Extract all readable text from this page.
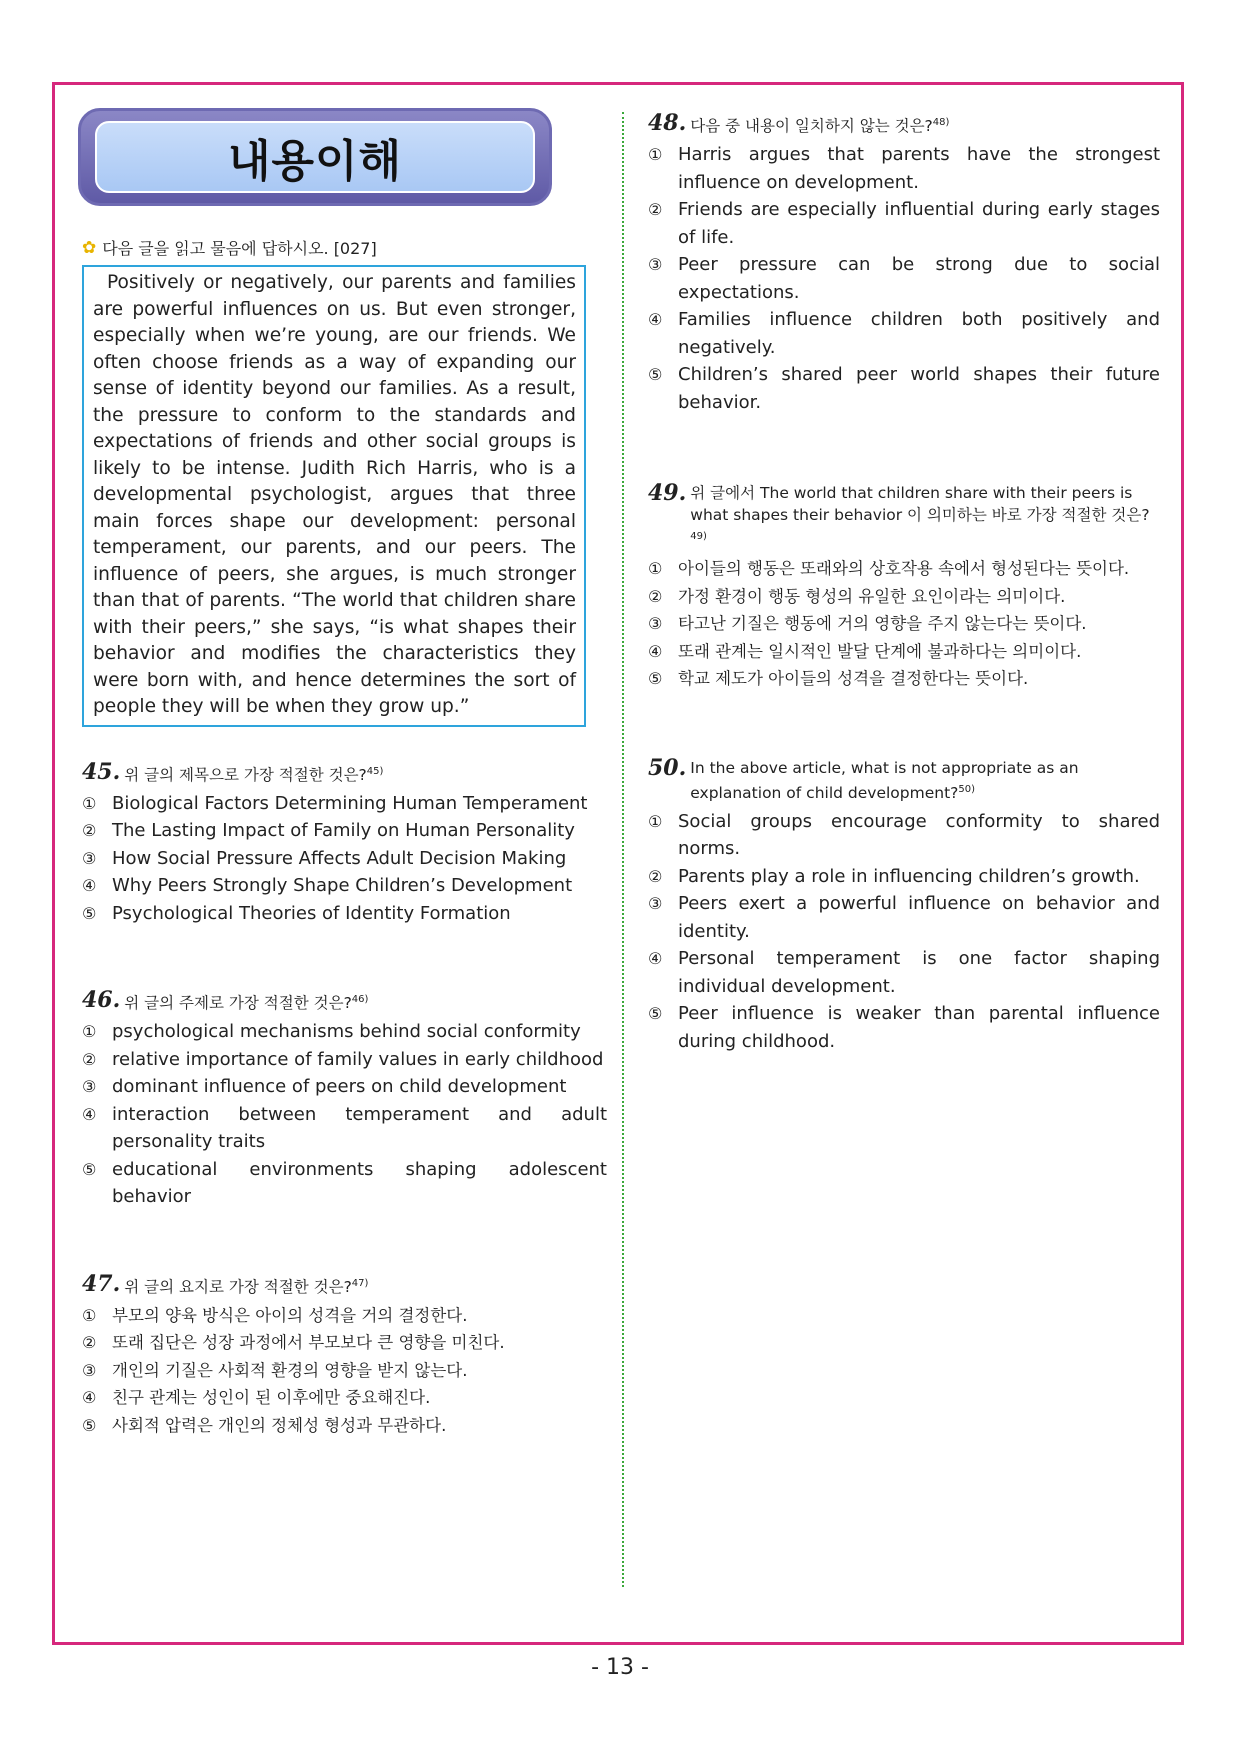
내용이해
✿ 다음 글을 읽고 물음에 답하시오. [027]

Positively or negatively, our parents and families are powerful influences on us. But even stronger, especially when we’re young, are our friends. We often choose friends as a way of expanding our sense of identity beyond our families. As a result, the pressure to conform to the standards and expectations of friends and other social groups is likely to be intense. Judith Rich Harris, who is a developmental psychologist, argues that three main forces shape our development: personal temperament, our parents, and our peers. The influence of peers, she argues, is much stronger than that of parents. “The world that children share with their peers,” she says, “is what shapes their behavior and modifies the characteristics they were born with, and hence determines the sort of people they will be when they grow up.”

45. 위 글의 제목으로 가장 적절한 것은?$^{45)}$
① Biological Factors Determining Human Temperament
② The Lasting Impact of Family on Human Personality
③ How Social Pressure Affects Adult Decision Making
④ Why Peers Strongly Shape Children’s Development
⑤ Psychological Theories of Identity Formation
46. 위 글의 주제로 가장 적절한 것은?$^{46)}$
① psychological mechanisms behind social conformity
② relative importance of family values in early childhood
③ dominant influence of peers on child development
④ interaction between temperament and adult personality traits
⑤ educational environments shaping adolescent behavior
47. 위 글의 요지로 가장 적절한 것은?$^{47)}$
① 부모의 양육 방식은 아이의 성격을 거의 결정한다.
② 또래 집단은 성장 과정에서 부모보다 큰 영향을 미친다.
③ 개인의 기질은 사회적 환경의 영향을 받지 않는다.
④ 친구 관계는 성인이 된 이후에만 중요해진다.
⑤ 사회적 압력은 개인의 정체성 형성과 무관하다.
48. 다음 중 내용이 일치하지 않는 것은?$^{48)}$
① Harris argues that parents have the strongest influence on development.
② Friends are especially influential during early stages of life.
③ Peer pressure can be strong due to social expectations.
④ Families influence children both positively and negatively.
⑤ Children’s shared peer world shapes their future behavior.
49. 위 글에서 The world that children share with their peers is what shapes their behavior 이 의미하는 바로 가장 적절한 것은?$^{49)}$
① 아이들의 행동은 또래와의 상호작용 속에서 형성된다는 뜻이다.
② 가정 환경이 행동 형성의 유일한 요인이라는 의미이다.
③ 타고난 기질은 행동에 거의 영향을 주지 않는다는 뜻이다.
④ 또래 관계는 일시적인 발달 단계에 불과하다는 의미이다.
⑤ 학교 제도가 아이들의 성격을 결정한다는 뜻이다.
50. In the above article, what is not appropriate as an explanation of child development?$^{50)}$
① Social groups encourage conformity to shared norms.
② Parents play a role in influencing children’s growth.
③ Peers exert a powerful influence on behavior and identity.
④ Personal temperament is one factor shaping individual development.
⑤ Peer influence is weaker than parental influence during childhood.
- 13 -
